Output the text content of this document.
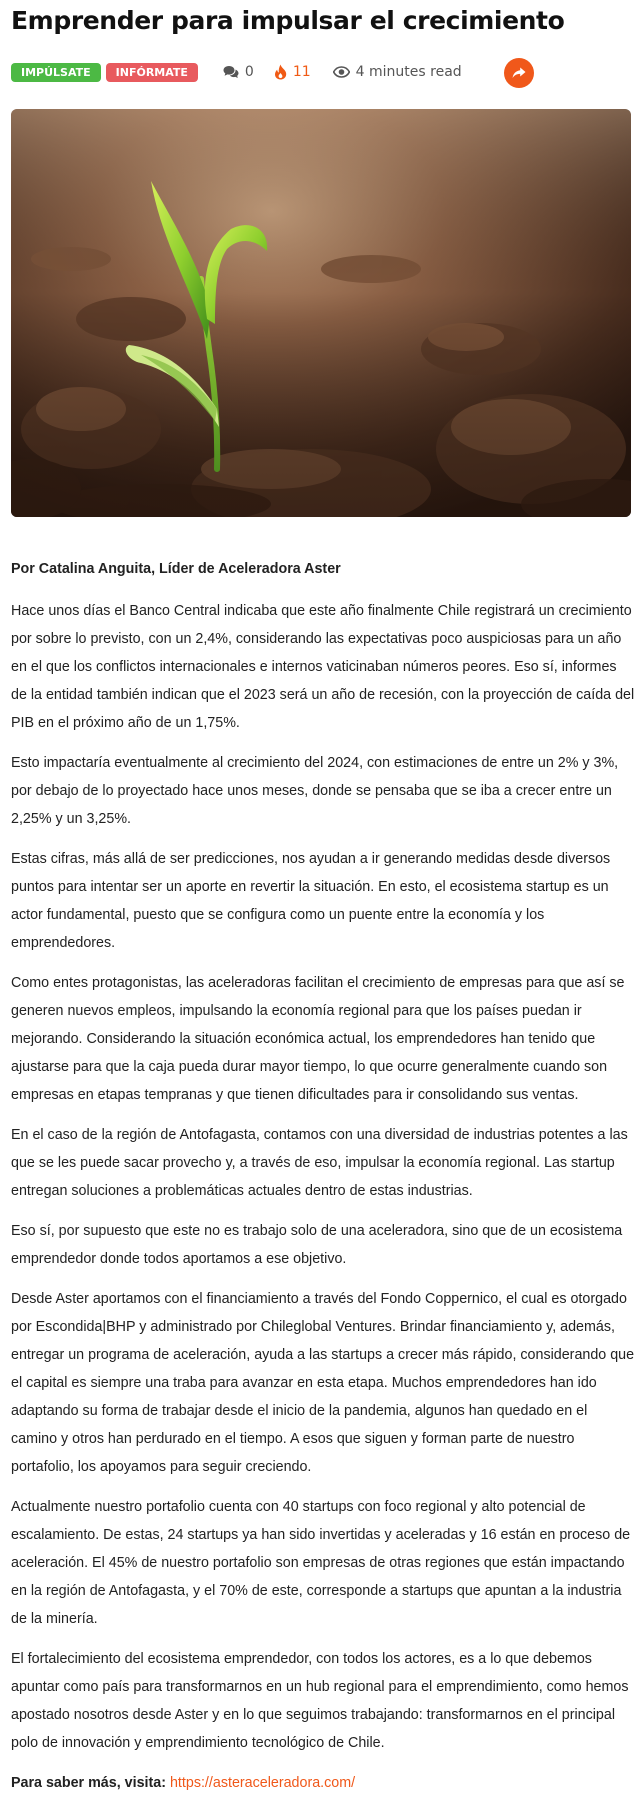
Emprender para impulsar el crecimiento
IMPÚLSATE	INFÓRMATE	0	11	4 minutes read

Por Catalina Anguita, Líder de Aceleradora Aster

Hace unos días el Banco Central indicaba que este año finalmente Chile registrará un crecimiento por sobre lo previsto, con un 2,4%, considerando las expectativas poco auspiciosas para un año en el que los conflictos internacionales e internos vaticinaban números peores. Eso sí, informes de la entidad también indican que el 2023 será un año de recesión, con la proyección de caída del PIB en el próximo año de un 1,75%.

Esto impactaría eventualmente al crecimiento del 2024, con estimaciones de entre un 2% y 3%, por debajo de lo proyectado hace unos meses, donde se pensaba que se iba a crecer entre un 2,25% y un 3,25%.

Estas cifras, más allá de ser predicciones, nos ayudan a ir generando medidas desde diversos puntos para intentar ser un aporte en revertir la situación. En esto, el ecosistema startup es un actor fundamental, puesto que se configura como un puente entre la economía y los emprendedores.

Como entes protagonistas, las aceleradoras facilitan el crecimiento de empresas para que así se generen nuevos empleos, impulsando la economía regional para que los países puedan ir mejorando. Considerando la situación económica actual, los emprendedores han tenido que ajustarse para que la caja pueda durar mayor tiempo, lo que ocurre generalmente cuando son empresas en etapas tempranas y que tienen dificultades para ir consolidando sus ventas.

En el caso de la región de Antofagasta, contamos con una diversidad de industrias potentes a las que se les puede sacar provecho y, a través de eso, impulsar la economía regional. Las startup entregan soluciones a problemáticas actuales dentro de estas industrias.

Eso sí, por supuesto que este no es trabajo solo de una aceleradora, sino que de un ecosistema emprendedor donde todos aportamos a ese objetivo.

Desde Aster aportamos con el financiamiento a través del Fondo Coppernico, el cual es otorgado por Escondida|BHP y administrado por Chileglobal Ventures. Brindar financiamiento y, además, entregar un programa de aceleración, ayuda a las startups a crecer más rápido, considerando que el capital es siempre una traba para avanzar en esta etapa. Muchos emprendedores han ido adaptando su forma de trabajar desde el inicio de la pandemia, algunos han quedado en el camino y otros han perdurado en el tiempo. A esos que siguen y forman parte de nuestro portafolio, los apoyamos para seguir creciendo.

Actualmente nuestro portafolio cuenta con 40 startups con foco regional y alto potencial de escalamiento. De estas, 24 startups ya han sido invertidas y aceleradas y 16 están en proceso de aceleración. El 45% de nuestro portafolio son empresas de otras regiones que están impactando en la región de Antofagasta, y el 70% de este, corresponde a startups que apuntan a la industria de la minería.

El fortalecimiento del ecosistema emprendedor, con todos los actores, es a lo que debemos apuntar como país para transformarnos en un hub regional para el emprendimiento, como hemos apostado nosotros desde Aster y en lo que seguimos trabajando: transformarnos en el principal polo de innovación y emprendimiento tecnológico de Chile.

Para saber más, visita: https://asteraceleradora.com/
